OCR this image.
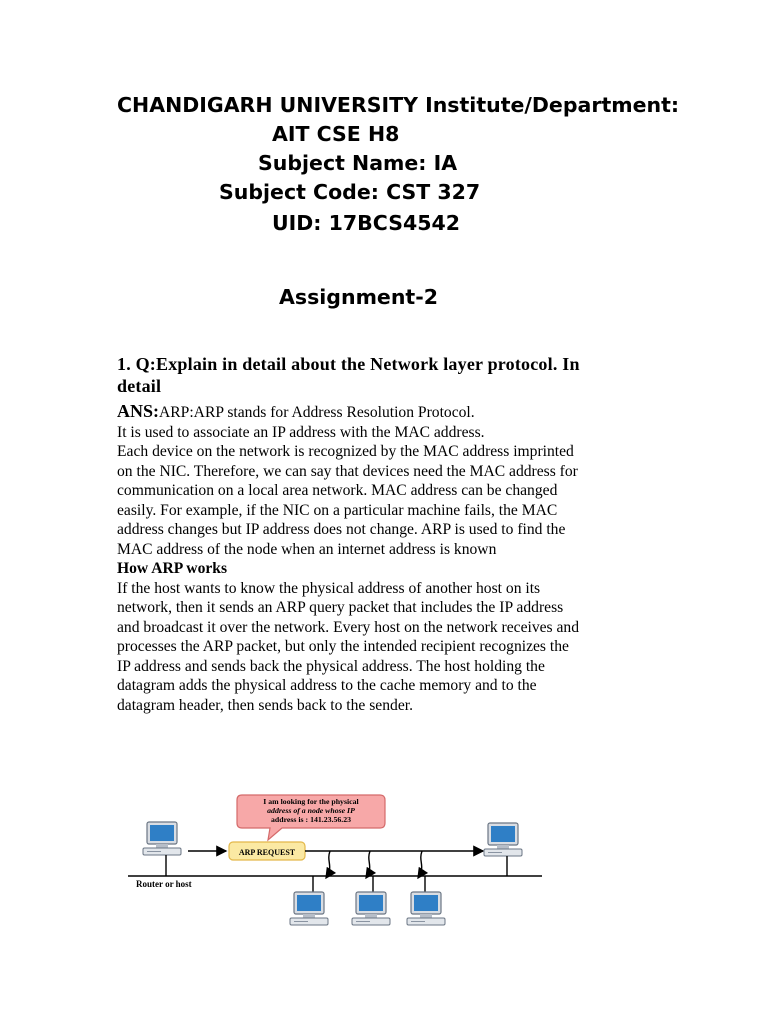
CHANDIGARH UNIVERSITY Institute/Department:
AIT CSE H8
Subject Name: IA
Subject Code: CST 327
UID: 17BCS4542
Assignment-2
1. Q:Explain in detail about the Network layer protocol. In
detail
ANS:ARP:ARP stands for Address Resolution Protocol.
It is used to associate an IP address with the MAC address.
Each device on the network is recognized by the MAC address imprinted
on the NIC. Therefore, we can say that devices need the MAC address for
communication on a local area network. MAC address can be changed
easily. For example, if the NIC on a particular machine fails, the MAC
address changes but IP address does not change. ARP is used to find the
MAC address of the node when an internet address is known
How ARP works
If the host wants to know the physical address of another host on its
network, then it sends an ARP query packet that includes the IP address
and broadcast it over the network. Every host on the network receives and
processes the ARP packet, but only the intended recipient recognizes the
IP address and sends back the physical address. The host holding the
datagram adds the physical address to the cache memory and to the
datagram header, then sends back to the sender.
ARP REQUEST
I am looking for the physical
address of a node whose IP
address is : 141.23.56.23
Router or host
